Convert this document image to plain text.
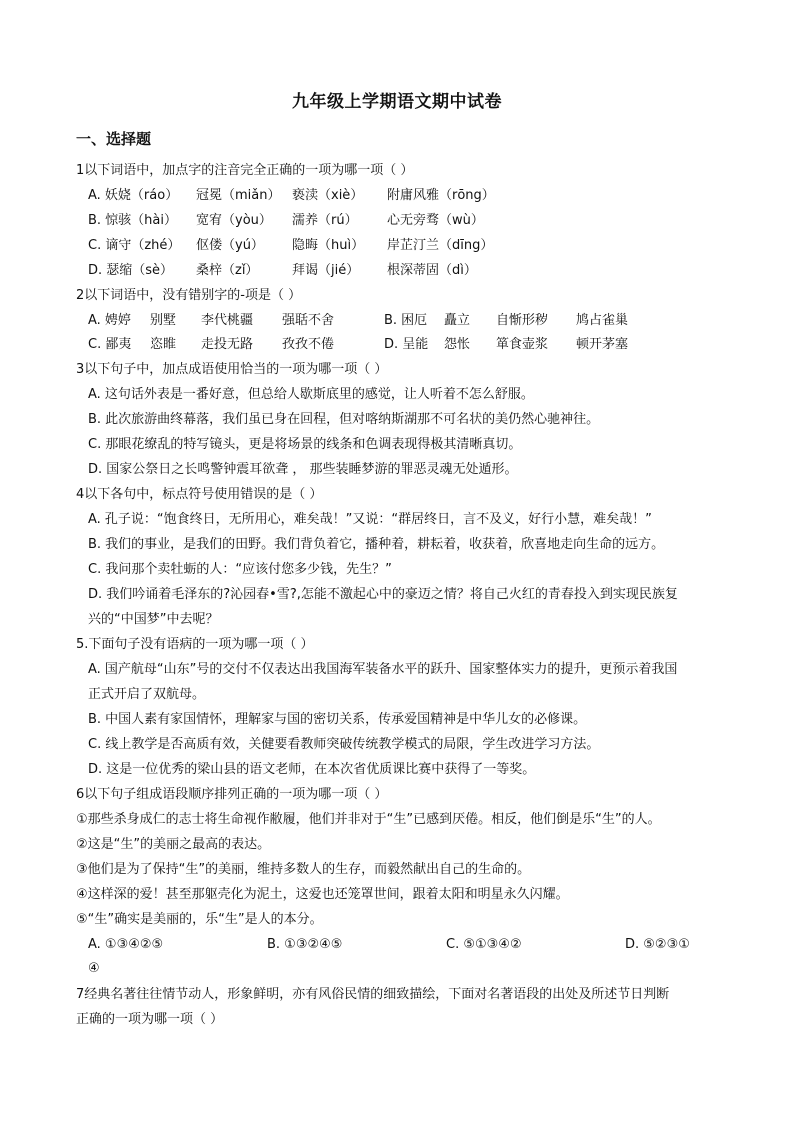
九年级上学期语文期中试卷
一、选择题
1以下词语中，加点字的注音完全正确的一项为哪一项（ ）
A. 妖娆（ráo） 冠冕（miǎn） 亵渎（xiè） 附庸风雅（rōng）
B. 惊骇（hài） 宽宥（yòu） 濡养（rú） 心无旁骛（wù）
C. 谪守（zhé） 伛偻（yú） 隐晦（huì） 岸芷汀兰（dīng）
D. 瑟缩（sè） 桑梓（zǐ）	拜谒（jié） 根深蒂固（dì）
2以下词语中，没有错别字的-项是（ ）
A. 娉婷 别墅 李代桃疆 强聒不舍	B. 困厄 矗立 自惭形秽 鸠占雀巢
C. 鄙夷 恣睢 走投无路 孜孜不倦	D. 呈能 怨怅 箪食壶浆 顿开茅塞
3以下句子中，加点成语使用恰当的一项为哪一项（ ）
A. 这句话外表是一番好意，但总给人歇斯底里的感觉，让人听着不怎么舒服。
B. 此次旅游曲终幕落，我们虽已身在回程，但对喀纳斯湖那不可名状的美仍然心驰神往。
C. 那眼花缭乱的特写镜头，更是将场景的线条和色调表现得极其清晰真切。
D. 国家公祭日之长鸣警钟震耳欲聋 ， 那些装睡梦游的罪恶灵魂无处遁形。
4以下各句中，标点符号使用错误的是（ ）
A. 孔子说：“饱食终日，无所用心，难矣哉！”又说：“群居终日，言不及义，好行小慧，难矣哉！”
B. 我们的事业，是我们的田野。我们背负着它，播种着，耕耘着，收获着，欣喜地走向生命的远方。
C. 我问那个卖牡蛎的人：“应该付您多少钱，先生？”
D. 我们吟诵着毛泽东的?沁园春•雪?,怎能不激起心中的豪迈之情？将自己火红的青春投入到实现民族复
兴的“中国梦”中去呢？
5.下面句子没有语病的一项为哪一项（ ）
A. 国产航母“山东”号的交付不仅表达出我国海军装备水平的跃升、国家整体实力的提升，更预示着我国
正式开启了双航母。
B. 中国人素有家国情怀，理解家与国的密切关系，传承爱国精神是中华儿女的必修课。
C. 线上教学是否高质有效，关健要看教师突破传统教学模式的局限，学生改进学习方法。
D. 这是一位优秀的梁山县的语文老师，在本次省优质课比赛中获得了一等奖。
6以下句子组成语段顺序排列正确的一项为哪一项（ ）
①那些杀身成仁的志士将生命视作敝履，他们并非对于“生”已感到厌倦。相反，他们倒是乐“生”的人。
②这是“生”的美丽之最高的表达。
③他们是为了保持“生”的美丽，维持多数人的生存，而毅然献出自己的生命的。
④这样深的爱！甚至那躯壳化为泥土，这爱也还笼罩世间，跟着太阳和明星永久闪耀。
⑤“生”确实是美丽的，乐“生”是人的本分。
A. ①③④②⑤	B. ①③②④⑤	C. ⑤①③④②	D. ⑤②③①
④
7经典名著往往情节动人，形象鲜明，亦有风俗民情的细致描绘，下面对名著语段的出处及所述节日判断
正确的一项为哪一项（ ）
